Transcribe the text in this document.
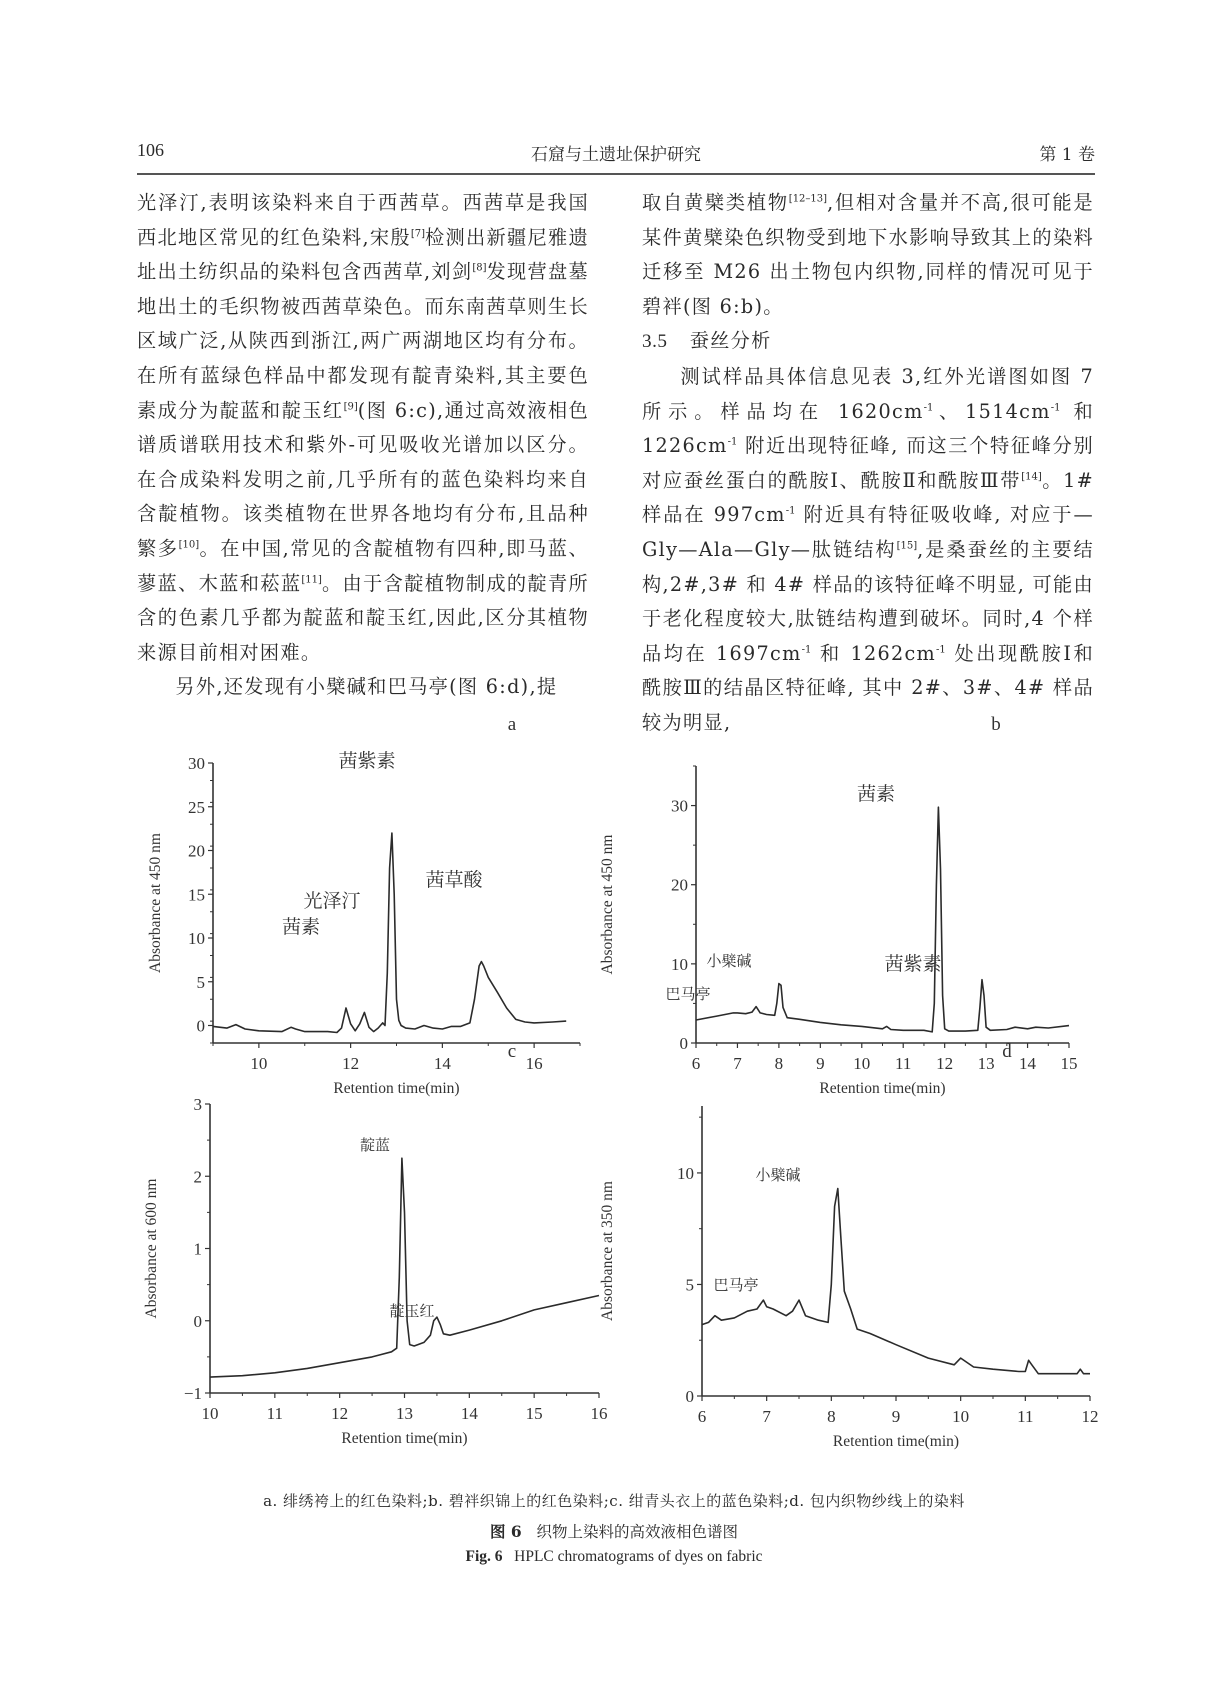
106	石窟与土遗址保护研究	第 1 卷

光泽汀,表明该染料来自于西茜草。西茜草是我国西北地区常见的红色染料,宋殷[7]检测出新疆尼雅遗址出土纺织品的染料包含西茜草,刘剑[8]发现营盘墓地出土的毛织物被西茜草染色。而东南茜草则生长区域广泛,从陕西到浙江,两广两湖地区均有分布。在所有蓝绿色样品中都发现有靛青染料,其主要色素成分为靛蓝和靛玉红[9](图 6:c),通过高效液相色谱质谱联用技术和紫外-可见吸收光谱加以区分。在合成染料发明之前,几乎所有的蓝色染料均来自含靛植物。该类植物在世界各地均有分布,且品种繁多[10]。在中国,常见的含靛植物有四种,即马蓝、蓼蓝、木蓝和菘蓝[11]。由于含靛植物制成的靛青所含的色素几乎都为靛蓝和靛玉红,因此,区分其植物来源目前相对困难。

另外,还发现有小檗碱和巴马亭(图 6:d),提

取自黄檗类植物[12–13],但相对含量并不高,很可能是某件黄檗染色织物受到地下水影响导致其上的染料迁移至 M26 出土物包内织物,同样的情况可见于碧袢(图 6:b)。

3.5 蚕丝分析

测试样品具体信息见表 3,红外光谱图如图 7 所示。样品均在 $1620cm^{-1}$、$1514cm^{-1}$ 和 $1226cm^{-1}$ 附近出现特征峰, 而这三个特征峰分别对应蚕丝蛋白的酰胺Ⅰ、酰胺Ⅱ和酰胺Ⅲ带[14]。1# 样品在 $997cm^{-1}$ 附近具有特征吸收峰, 对应于—Gly—Ala—Gly—肽链结构[15],是桑蚕丝的主要结构,2#,3# 和 4# 样品的该特征峰不明显, 可能由于老化程度较大,肽链结构遭到破坏。同时,4 个样品均在 $1697cm^{-1}$ 和 $1262cm^{-1}$ 处出现酰胺Ⅰ和酰胺Ⅲ的结晶区特征峰, 其中 2#、3#、4# 样品较为明显,

0
5
10
15
20
25
30
10	12	14	16
Retention time(min)
Absorbance at 450 nm	茜素
光泽汀
茜紫素
茜草酸
a
0
10
20
30
6 7 8 9 10 11 12 13 14 15
Retention time(min)
Absorbance at 450 nm
巴马亭
小檗碱
茜素
茜紫素
b
−1
0
1
2
3
10	11	12	13	14	15	16
Retention time(min)
Absorbance at 600 nm
靛蓝
靛玉红
c
0
5
10
6	7	8	9	10	11	12
Retention time(min)
Absorbance at 350 nm	巴马亭
小檗碱
d
a. 绯绣袴上的红色染料;b. 碧袢织锦上的红色染料;c. 绀青头衣上的蓝色染料;d. 包内织物纱线上的染料
图 6 织物上染料的高效液相色谱图
Fig. 6 HPLC chromatograms of dyes on fabric
